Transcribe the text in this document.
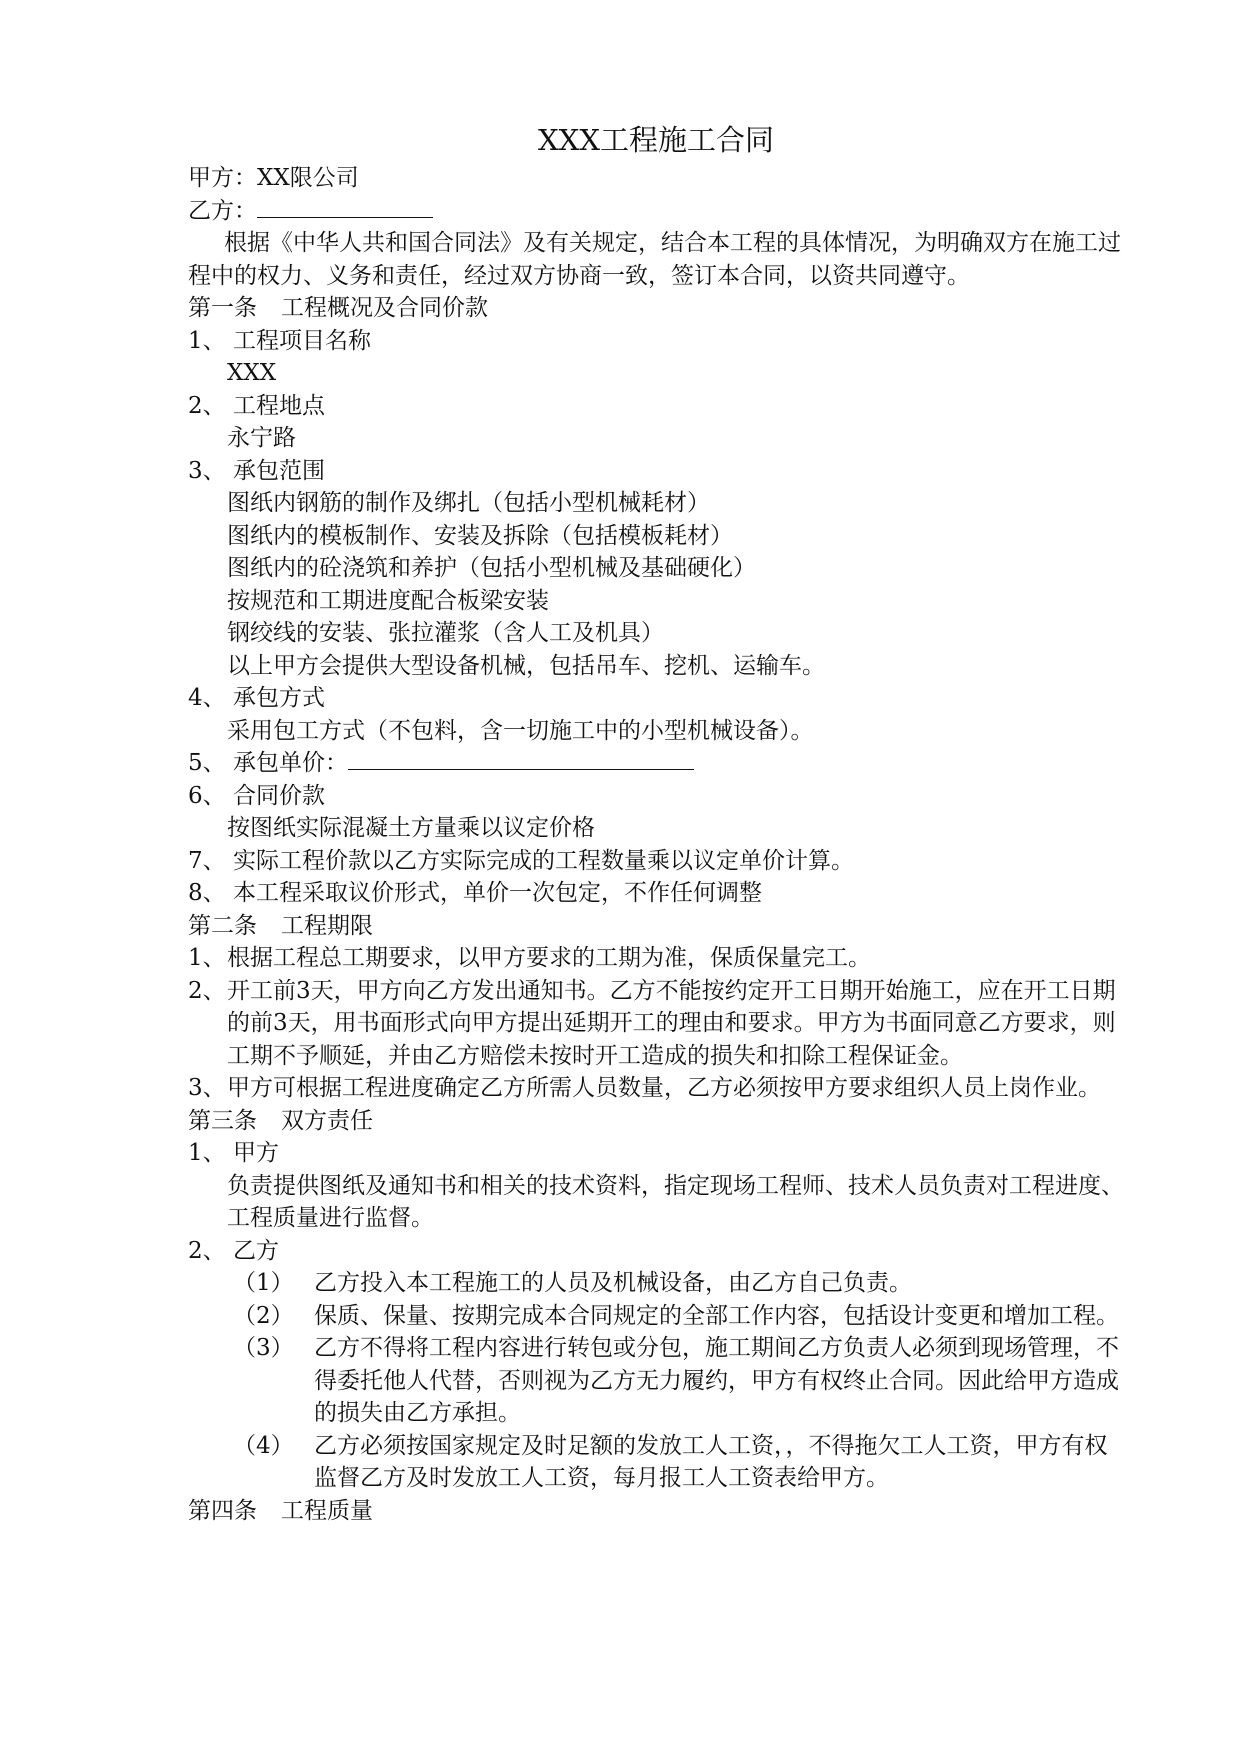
XXX工程施工合同
甲方：XX限公司
乙方：
根据《中华人共和国合同法》及有关规定，结合本工程的具体情况，为明确双方在施工过程中的权力、义务和责任，经过双方协商一致，签订本合同，以资共同遵守。
第一条 工程概况及合同价款
1、 工程项目名称
XXX
2、 工程地点
永宁路
3、 承包范围
图纸内钢筋的制作及绑扎（包括小型机械耗材）
图纸内的模板制作、安装及拆除（包括模板耗材）
图纸内的砼浇筑和养护（包括小型机械及基础硬化）
按规范和工期进度配合板梁安装
钢绞线的安装、张拉灌浆（含人工及机具）
以上甲方会提供大型设备机械，包括吊车、挖机、运输车。
4、 承包方式
采用包工方式（不包料，含一切施工中的小型机械设备）。
5、 承包单价：
6、 合同价款
按图纸实际混凝土方量乘以议定价格
7、 实际工程价款以乙方实际完成的工程数量乘以议定单价计算。
8、 本工程采取议价形式，单价一次包定，不作任何调整
第二条 工程期限
1、 根据工程总工期要求，以甲方要求的工期为准，保质保量完工。
2、 开工前3天，甲方向乙方发出通知书。乙方不能按约定开工日期开始施工，应在开工日期的前3天，用书面形式向甲方提出延期开工的理由和要求。甲方为书面同意乙方要求，则工期不予顺延，并由乙方赔偿未按时开工造成的损失和扣除工程保证金。
3、 甲方可根据工程进度确定乙方所需人员数量，乙方必须按甲方要求组织人员上岗作业。
第三条 双方责任
1、 甲方
负责提供图纸及通知书和相关的技术资料，指定现场工程师、技术人员负责对工程进度、工程质量进行监督。
2、 乙方
（1） 乙方投入本工程施工的人员及机械设备，由乙方自己负责。
（2） 保质、保量、按期完成本合同规定的全部工作内容，包括设计变更和增加工程。
（3） 乙方不得将工程内容进行转包或分包，施工期间乙方负责人必须到现场管理，不得委托他人代替，否则视为乙方无力履约，甲方有权终止合同。因此给甲方造成的损失由乙方承担。
（4） 乙方必须按国家规定及时足额的发放工人工资，，不得拖欠工人工资，甲方有权监督乙方及时发放工人工资，每月报工人工资表给甲方。
第四条 工程质量
